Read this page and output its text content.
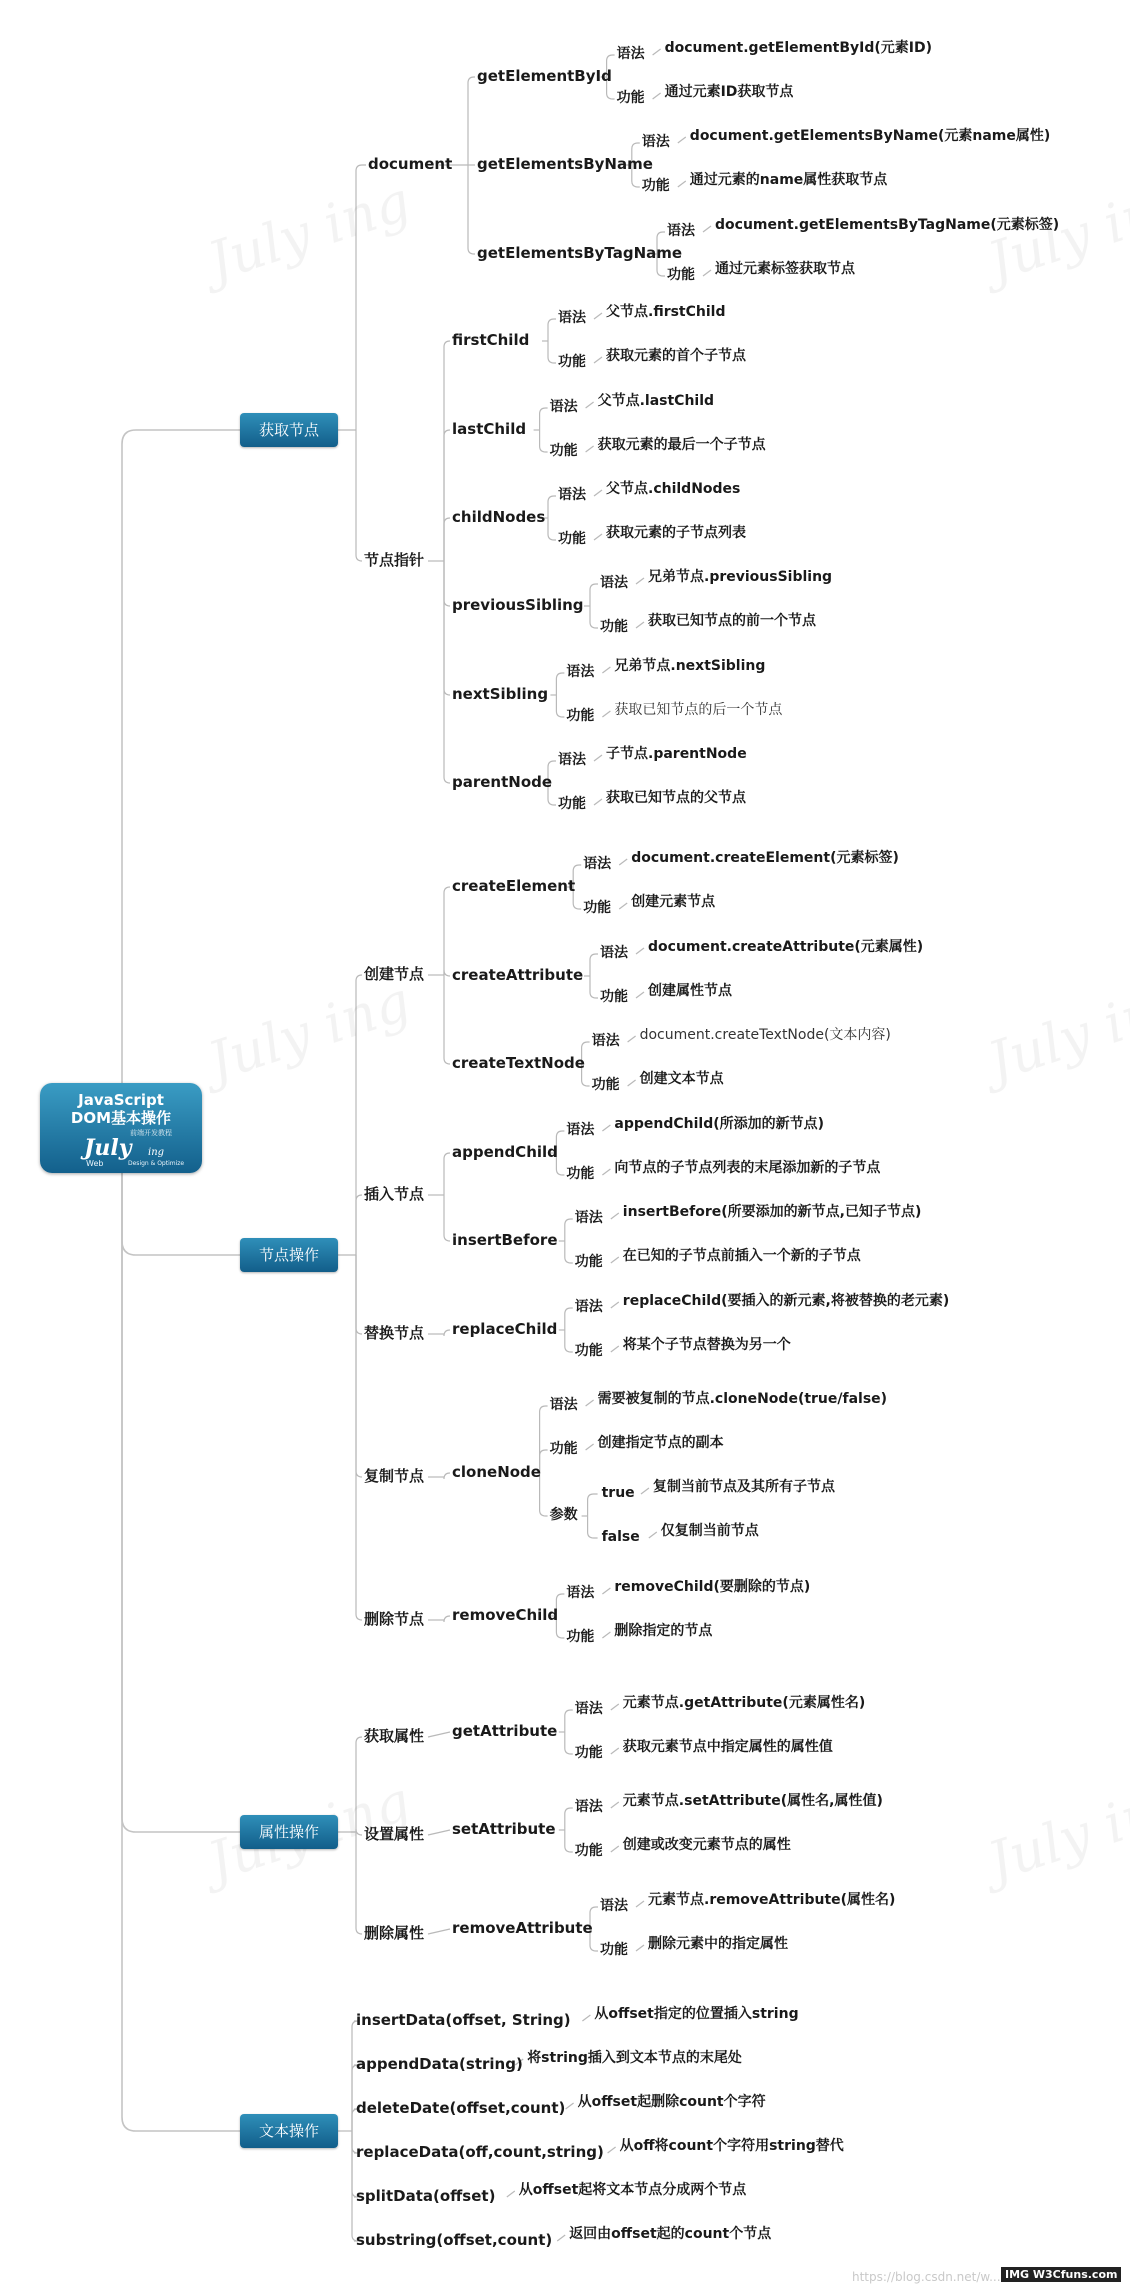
JavaScript
DOM基本操作
前端开发教程
July ing
Web	Design & Optimize
获取节点
节点操作
属性操作
文本操作
document
getElementById
语法 document.getElementById(元素ID)
功能 通过元素ID获取节点
getElementsByName
语法 document.getElementsByName(元素name属性)
功能 通过元素的name属性获取节点
getElementsByTagName
语法 document.getElementsByTagName(元素标签)
功能 通过元素标签获取节点
节点指针
firstChild
语法 父节点.firstChild
功能 获取元素的首个子节点
lastChild
语法 父节点.lastChild
功能 获取元素的最后一个子节点
childNodes
语法 父节点.childNodes
功能 获取元素的子节点列表
previousSibling
语法 兄弟节点.previousSibling
功能 获取已知节点的前一个节点
nextSibling
语法 兄弟节点.nextSibling
功能 获取已知节点的后一个节点
parentNode
语法 子节点.parentNode
功能 获取已知节点的父节点
创建节点
createElement
语法 document.createElement(元素标签)
功能 创建元素节点
createAttribute
语法 document.createAttribute(元素属性)
功能 创建属性节点
createTextNode
语法 document.createTextNode(文本内容)
功能 创建文本节点
插入节点
appendChild
语法 appendChild(所添加的新节点)
功能 向节点的子节点列表的末尾添加新的子节点
insertBefore
语法 insertBefore(所要添加的新节点,已知子节点)
功能 在已知的子节点前插入一个新的子节点
替换节点 replaceChild
语法 replaceChild(要插入的新元素,将被替换的老元素)
功能 将某个子节点替换为另一个
复制节点 cloneNode
语法 需要被复制的节点.cloneNode(true/false)
功能 创建指定节点的副本
参数
true 复制当前节点及其所有子节点
false 仅复制当前节点
删除节点 removeChild
语法 removeChild(要删除的节点)
功能 删除指定的节点
获取属性 getAttribute
语法 元素节点.getAttribute(元素属性名)
功能 获取元素节点中指定属性的属性值
设置属性 setAttribute
语法 元素节点.setAttribute(属性名,属性值)
功能 创建或改变元素节点的属性
删除属性 removeAttribute
语法 元素节点.removeAttribute(属性名)
功能 删除元素中的指定属性
insertData(offset, String) 从offset指定的位置插入string
appendData(string) 将string插入到文本节点的末尾处
deleteDate(offset,count) 从offset起删除count个字符
replaceData(off,count,string) 从off将count个字符用string替代
splitData(offset) 从offset起将文本节点分成两个节点
substring(offset,count) 返回由offset起的count个节点
https://blog.csdn.net/w... IMG W3Cfuns.com
